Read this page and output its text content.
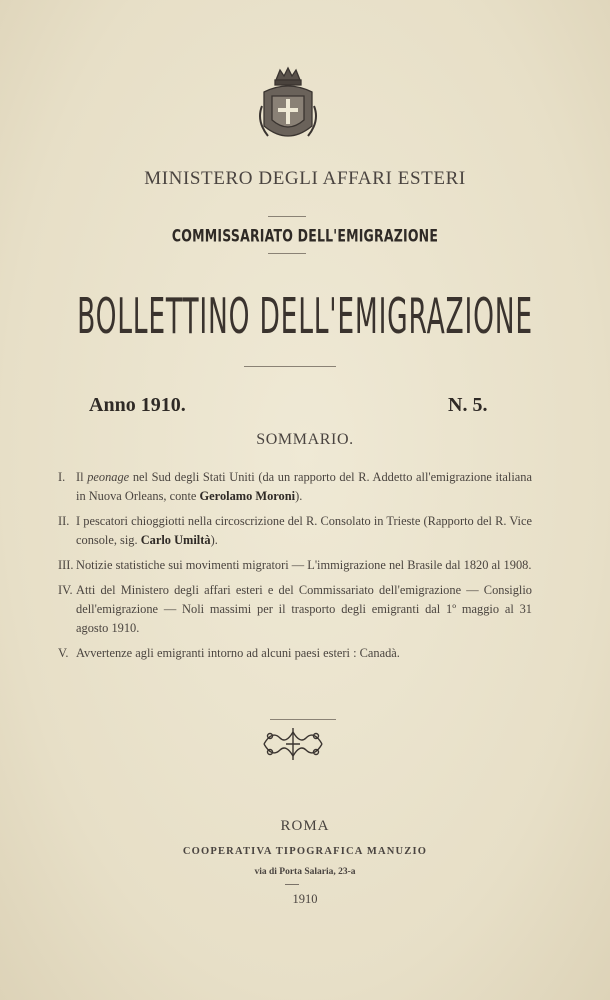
MINISTERO DEGLI AFFARI ESTERI
COMMISSARIATO DELL'EMIGRAZIONE
BOLLETTINO DELL'EMIGRAZIONE
Anno 1910.	N. 5.
SOMMARIO.
I. Il peonage nel Sud degli Stati Uniti (da un rapporto del R. Addetto all'emigrazione italiana in Nuova Orleans, conte Gerolamo Moroni).
II. I pescatori chioggiotti nella circoscrizione del R. Consolato in Trieste (Rapporto del R. Vice console, sig. Carlo Umiltà).
III. Notizie statistiche sui movimenti migratori — L'immigrazione nel Brasile dal 1820 al 1908.
IV. Atti del Ministero degli affari esteri e del Commissariato dell'emigrazione — Consiglio dell'emigrazione — Noli massimi per il trasporto degli emigranti dal 1º maggio al 31 agosto 1910.
V. Avvertenze agli emigranti intorno ad alcuni paesi esteri : Canadà.
ROMA
COOPERATIVA TIPOGRAFICA MANUZIO
via di Porta Salaria, 23-a
1910
